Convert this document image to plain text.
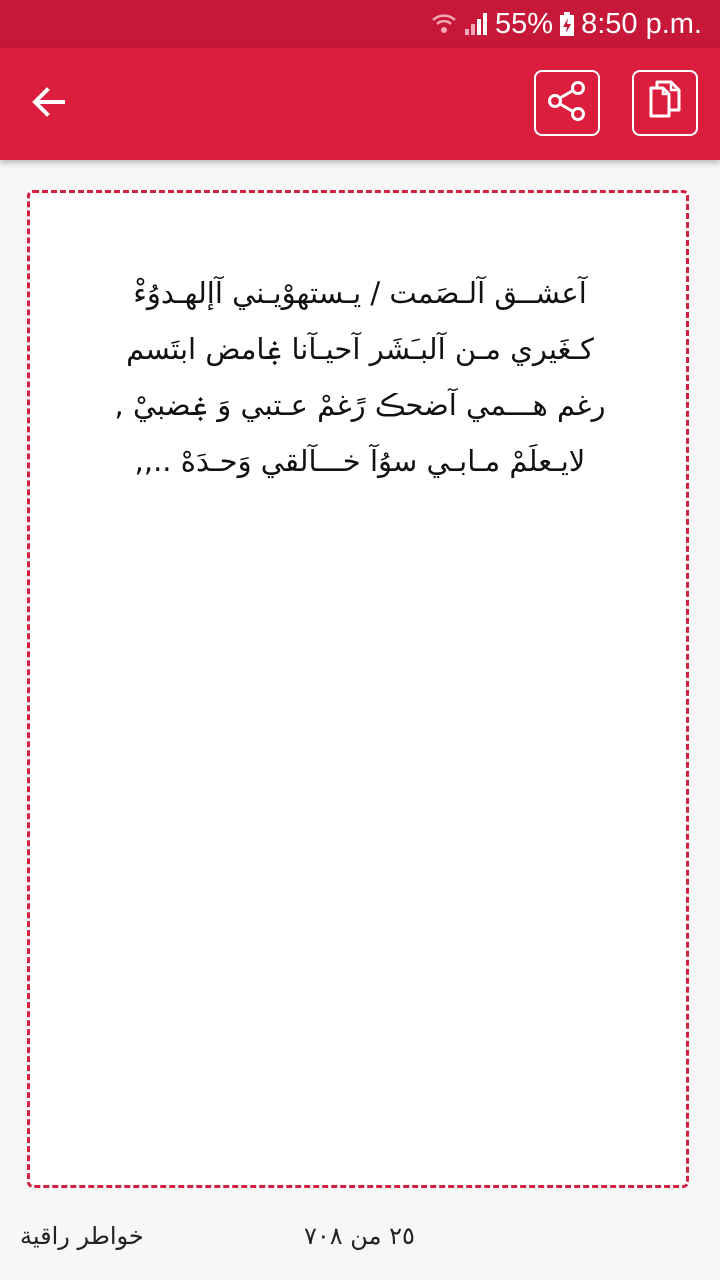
55% 8:50 p.m.
آعشــق آلـصَمت / يـستهوْيـني آإلهـدوُءْ
كـغَيري مـن آلبـَشَر آحيـآنا ۼامض ابتَسم
رغم هـــمي آضحڪ رًغمْ عـتبي وَ ۼضبيْ ,
لايـعلَمْ مـابـي سوُآ خـــآلقي وَحـدَهْ ..,,
خواطر راقية	٢٥ من ٧٠٨
